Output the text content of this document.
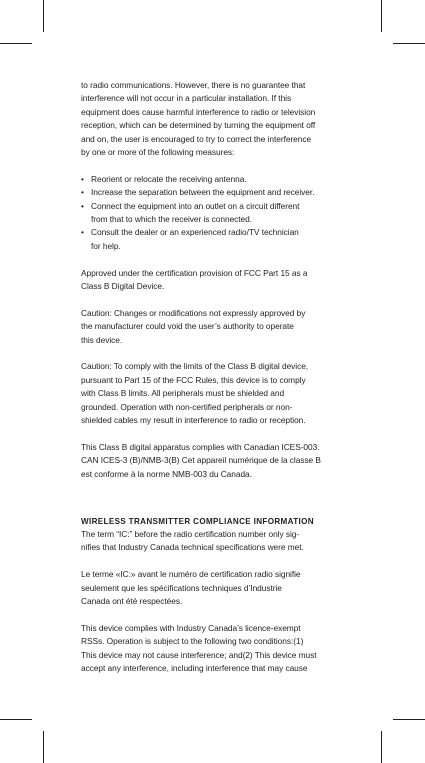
to radio communications. However, there is no guarantee that
interference will not occur in a particular installation. If this
equipment does cause harmful interference to radio or television
reception, which can be determined by turning the equipment off
and on, the user is encouraged to try to correct the interference
by one or more of the following measures:

• Reorient or relocate the receiving antenna.
• Increase the separation between the equipment and receiver.
• Connect the equipment into an outlet on a circuit different
from that to which the receiver is connected.
• Consult the dealer or an experienced radio/TV technician
for help.

Approved under the certification provision of FCC Part 15 as a
Class B Digital Device.

Caution: Changes or modifications not expressly approved by
the manufacturer could void the user’s authority to operate
this device.

Caution: To comply with the limits of the Class B digital device,
pursuant to Part 15 of the FCC Rules, this device is to comply
with Class B limits. All peripherals must be shielded and
grounded. Operation with non-certified peripherals or non-
shielded cables my result in interference to radio or reception.

This Class B digital apparatus complies with Canadian ICES-003.
CAN ICES-3 (B)/NMB-3(B) Cet appareil numérique de la classe B
est conforme à la norme NMB-003 du Canada.

WIRELESS TRANSMITTER COMPLIANCE INFORMATION

The term “IC:” before the radio certification number only sig-
nifies that Industry Canada technical specifications were met.

Le terme «IC:» avant le numéro de certification radio signifie
seulement que les spécifications techniques d’Industrie
Canada ont été respectées.

This device complies with Industry Canada’s licence-exempt
RSSs. Operation is subject to the following two conditions:(1)
This device may not cause interference; and(2) This device must
accept any interference, including interference that may cause
